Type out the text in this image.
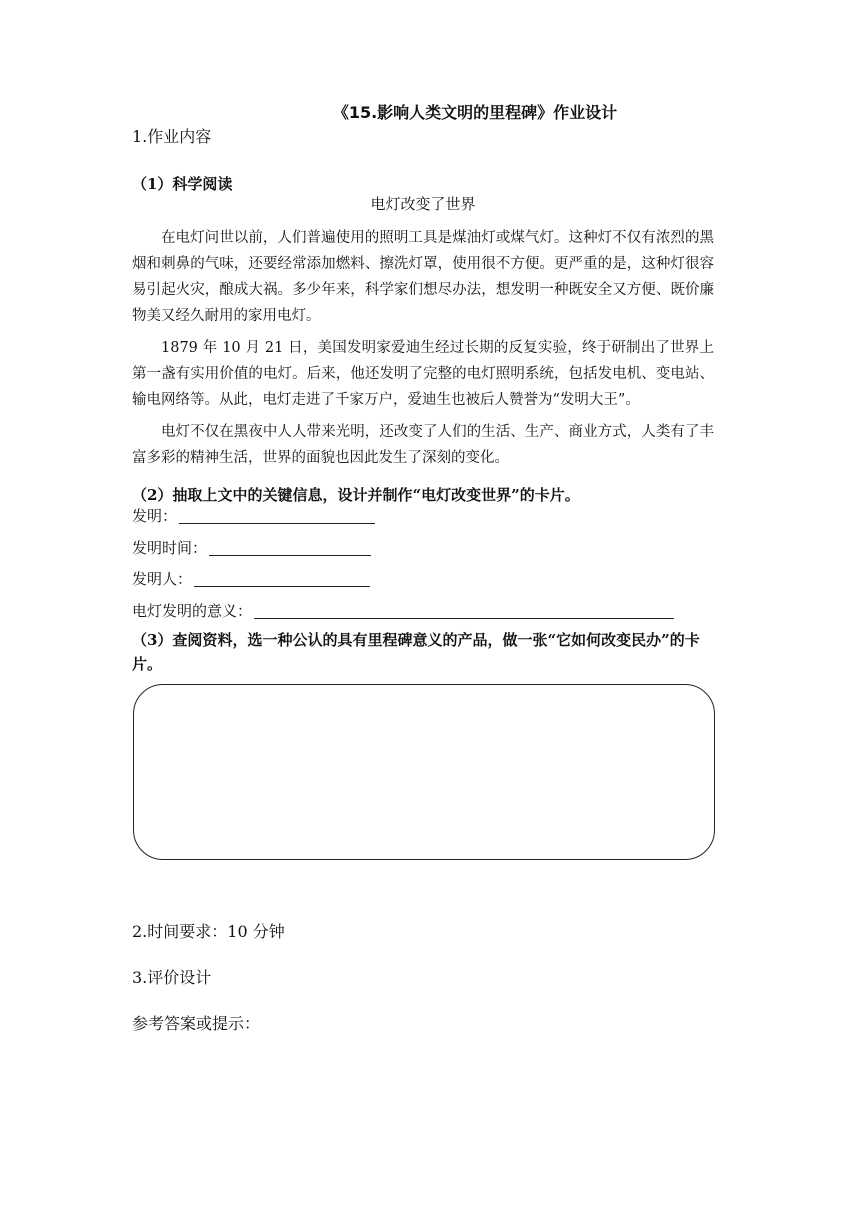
《15.影响人类文明的里程碑》作业设计
1.作业内容
（1）科学阅读
电灯改变了世界

在电灯问世以前，人们普遍使用的照明工具是煤油灯或煤气灯。这种灯不仅有浓烈的黑烟和刺鼻的气味，还要经常添加燃料、擦洗灯罩，使用很不方便。更严重的是，这种灯很容易引起火灾，酿成大祸。多少年来，科学家们想尽办法，想发明一种既安全又方便、既价廉物美又经久耐用的家用电灯。

1879 年 10 月 21 日，美国发明家爱迪生经过长期的反复实验，终于研制出了世界上第一盏有实用价值的电灯。后来，他还发明了完整的电灯照明系统，包括发电机、变电站、输电网络等。从此，电灯走进了千家万户，爱迪生也被后人赞誉为“发明大王”。

电灯不仅在黑夜中人人带来光明，还改变了人们的生活、生产、商业方式，人类有了丰富多彩的精神生活，世界的面貌也因此发生了深刻的变化。

（2）抽取上文中的关键信息，设计并制作“电灯改变世界”的卡片。
发明：
发明时间：
发明人：
电灯发明的意义：
（3）查阅资料，选一种公认的具有里程碑意义的产品，做一张“它如何改变民办”的卡片。
2.时间要求：10 分钟
3.评价设计
参考答案或提示：
